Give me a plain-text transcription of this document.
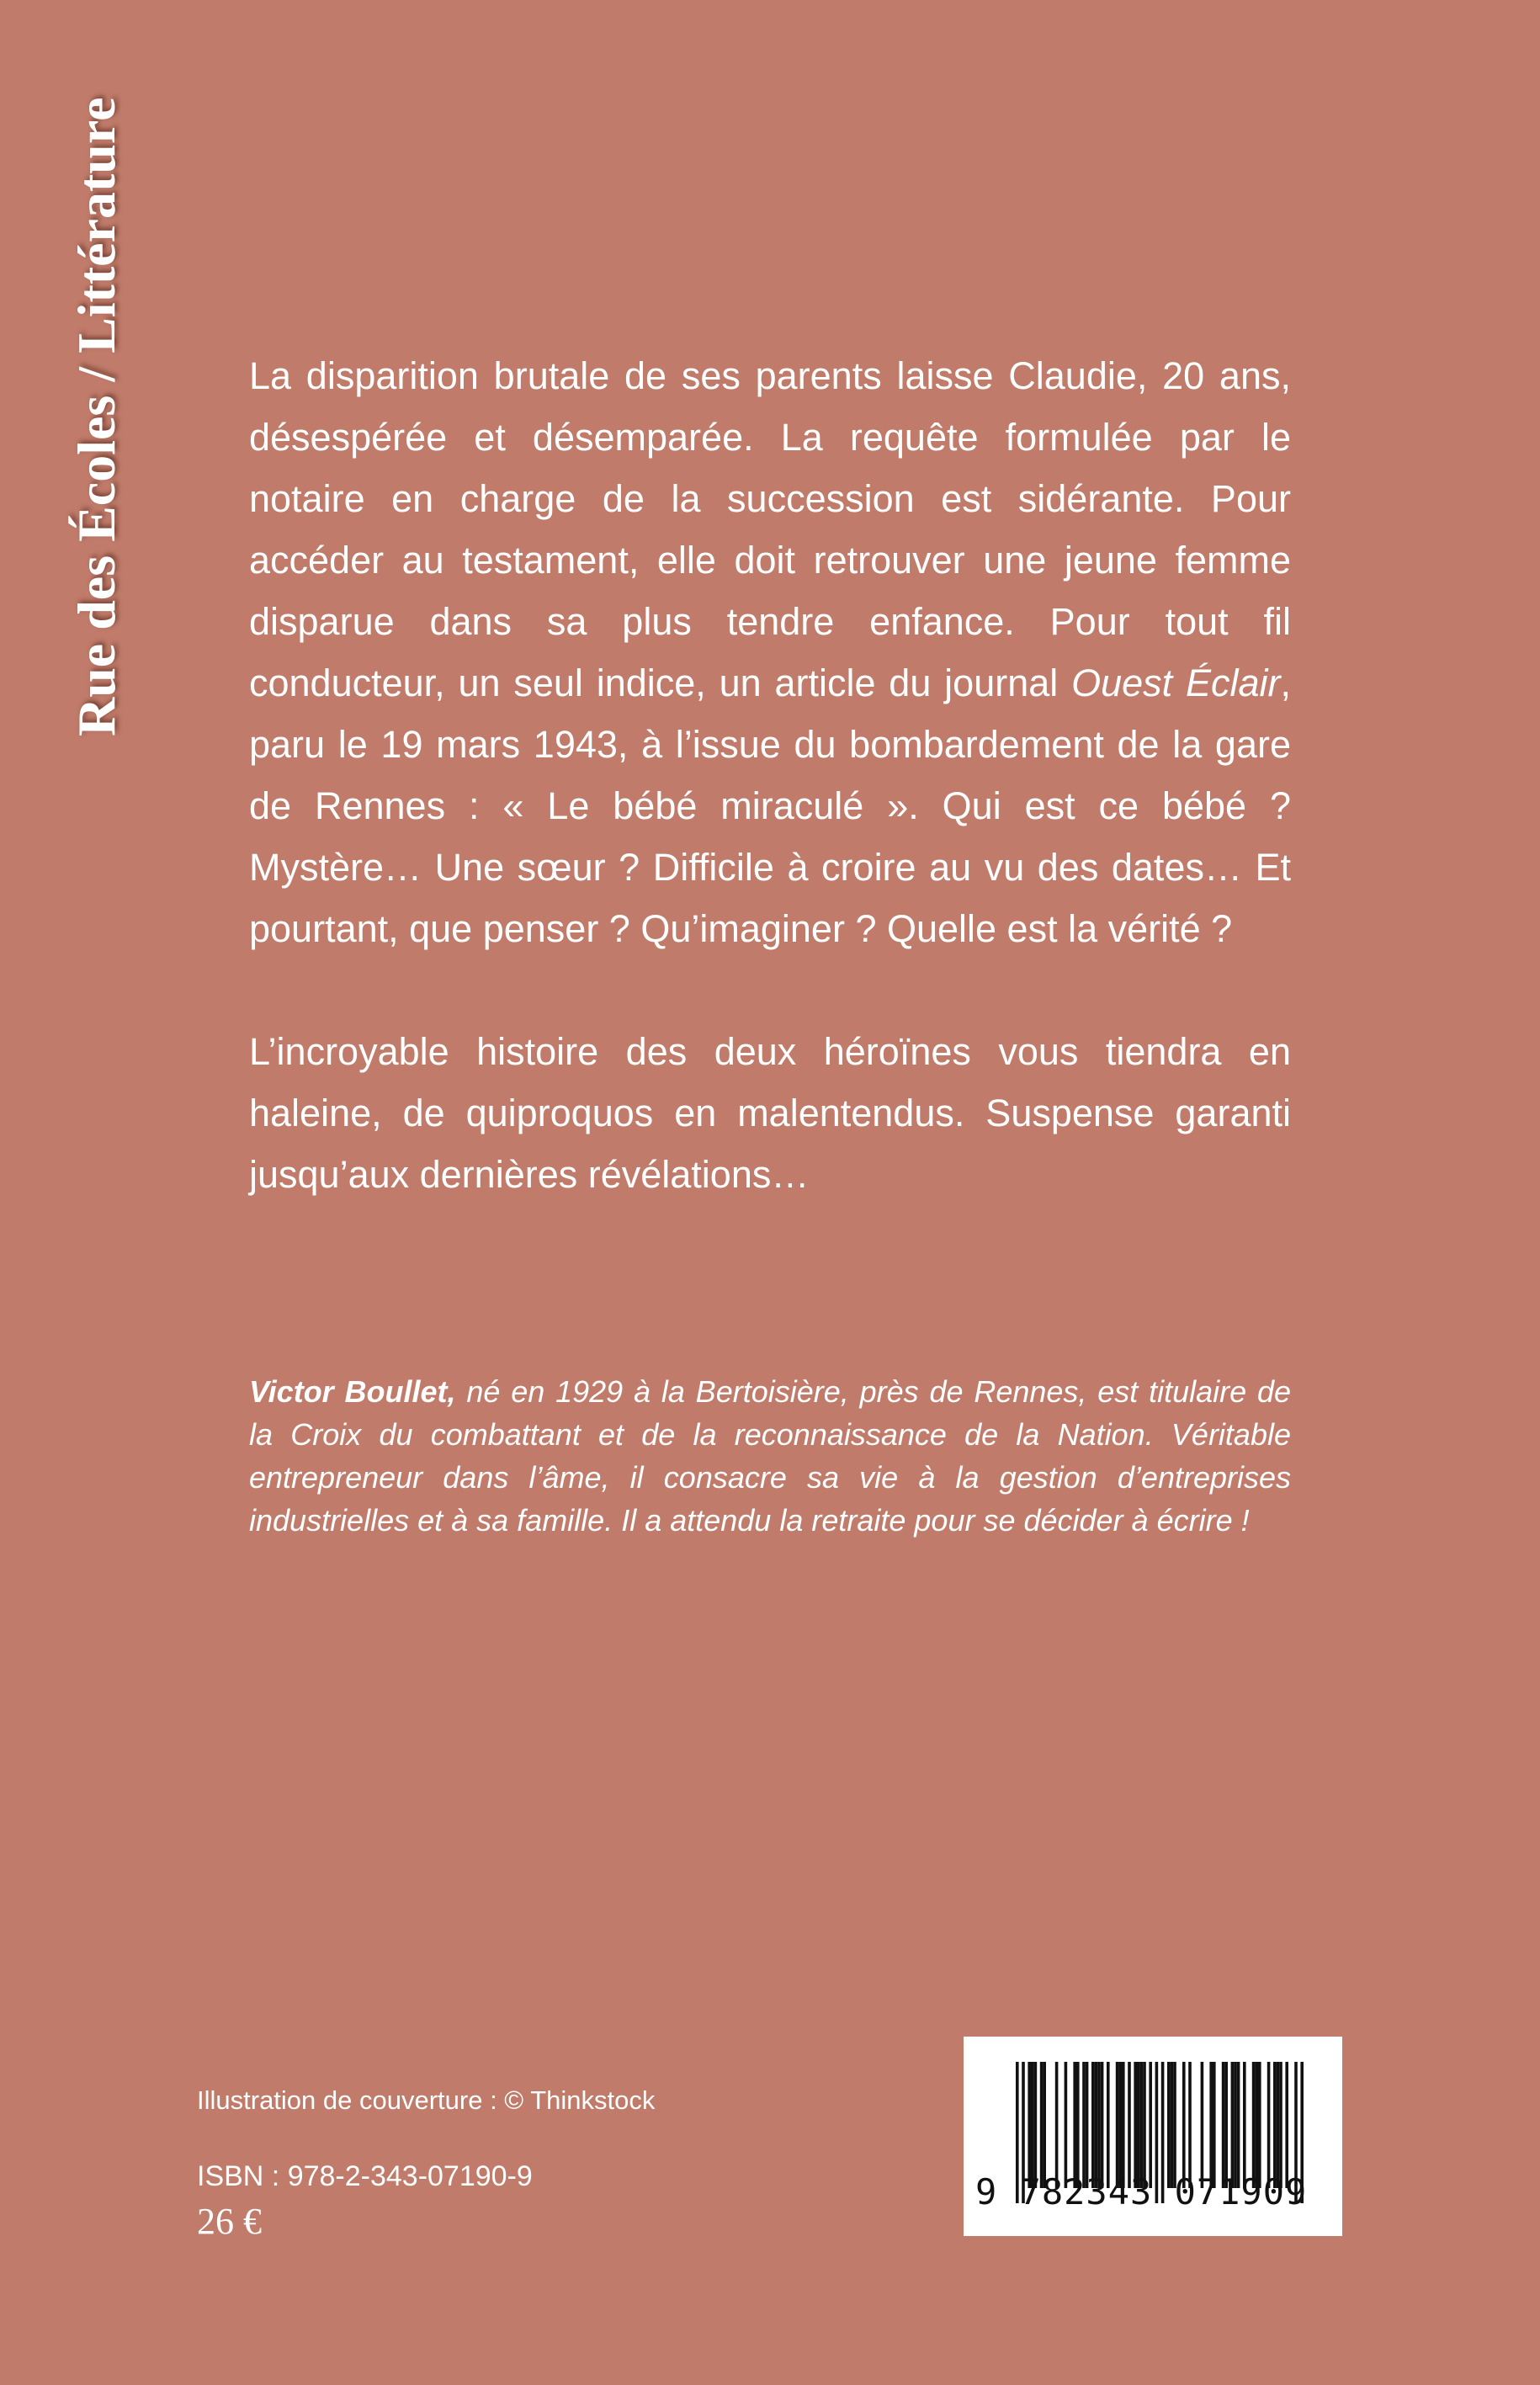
Rue des Écoles / Littérature	La disparition brutale de ses parents laisse Claudie, 20 ans, désespérée et désemparée. La requête formulée par le notaire en charge de la succession est sidérante. Pour accéder au testament, elle doit retrouver une jeune femme disparue dans sa plus tendre enfance. Pour tout fil conducteur, un seul indice, un article du journal Ouest Éclair, paru le 19 mars 1943, à l’issue du bombardement de la gare de Rennes : « Le bébé miraculé ». Qui est ce bébé ? Mystère… Une sœur ? Difficile à croire au vu des dates… Et pourtant, que penser ? Qu’imaginer ? Quelle est la vérité ?

L’incroyable histoire des deux héroïnes vous tiendra en haleine, de quiproquos en malentendus. Suspense garanti jusqu’aux dernières révélations…

Victor Boullet, né en 1929 à la Bertoisière, près de Rennes, est titulaire de la Croix du combattant et de la reconnaissance de la Nation. Véritable entrepreneur dans l’âme, il consacre sa vie à la gestion d’entreprises industrielles et à sa famille. Il a attendu la retraite pour se décider à écrire !
Illustration de couverture : © Thinkstock
ISBN : 978-2-343-07190-9
26 €
9 782343 071909
